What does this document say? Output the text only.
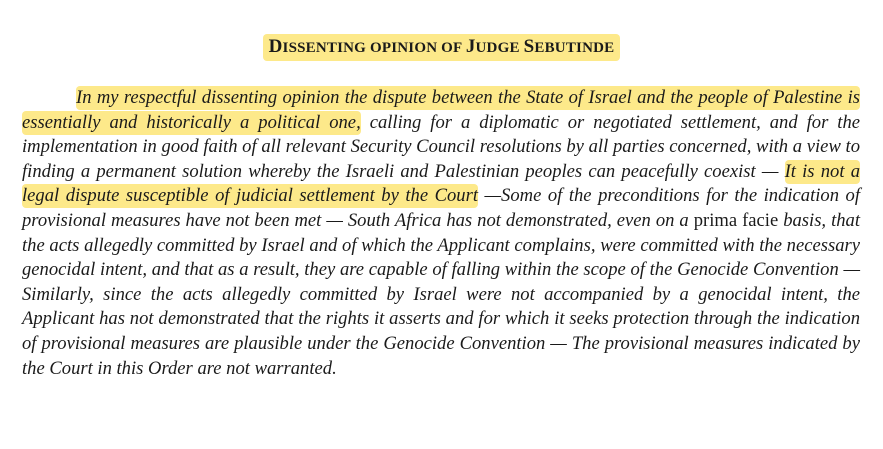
DISSENTING OPINION OF JUDGE SEBUTINDE

In my respectful dissenting opinion the dispute between the State of Israel and the people of Palestine is essentially and historically a political one, calling for a diplomatic or negotiated settlement, and for the implementation in good faith of all relevant Security Council resolutions by all parties concerned, with a view to finding a permanent solution whereby the Israeli and Palestinian peoples can peacefully coexist — It is not a legal dispute susceptible of judicial settlement by the Court —Some of the preconditions for the indication of provisional measures have not been met — South Africa has not demonstrated, even on a prima facie basis, that the acts allegedly committed by Israel and of which the Applicant complains, were committed with the necessary genocidal intent, and that as a result, they are capable of falling within the scope of the Genocide Convention — Similarly, since the acts allegedly committed by Israel were not accompanied by a genocidal intent, the Applicant has not demonstrated that the rights it asserts and for which it seeks protection through the indication of provisional measures are plausible under the Genocide Convention — The provisional measures indicated by the Court in this Order are not warranted.
